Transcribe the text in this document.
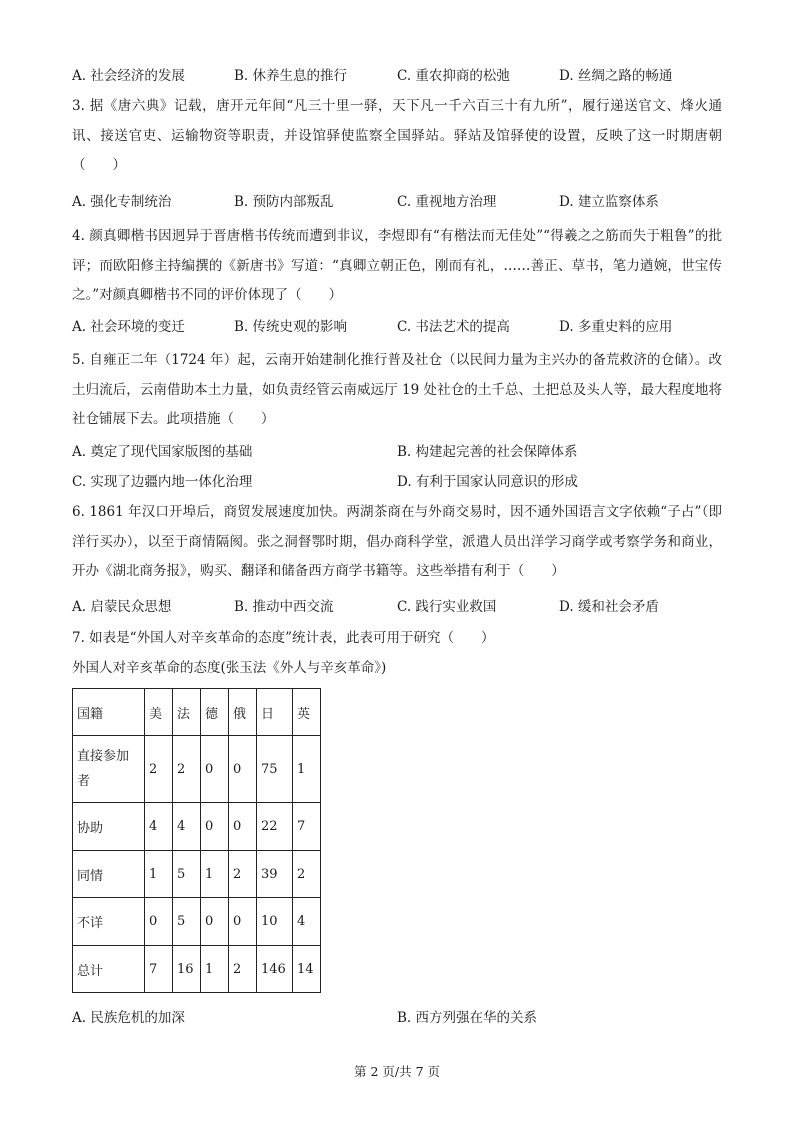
A. 社会经济的发展	B. 休养生息的推行	C. 重农抑商的松弛	D. 丝绸之路的畅通
3. 据《唐六典》记载，唐开元年间“凡三十里一驿，天下凡一千六百三十有九所”，履行递送官文、烽火通讯、接送官吏、运输物资等职责，并设馆驿使监察全国驿站。驿站及馆驿使的设置，反映了这一时期唐朝（　　）
A. 强化专制统治	B. 预防内部叛乱	C. 重视地方治理	D. 建立监察体系
4. 颜真卿楷书因迥异于晋唐楷书传统而遭到非议，李煜即有“有楷法而无佳处”“得羲之之筋而失于粗鲁”的批评；而欧阳修主持编撰的《新唐书》写道：“真卿立朝正色，刚而有礼，……善正、草书，笔力遒婉，世宝传之。”对颜真卿楷书不同的评价体现了（　　）
A. 社会环境的变迁	B. 传统史观的影响	C. 书法艺术的提高	D. 多重史料的应用
5. 自雍正二年（1724 年）起，云南开始建制化推行普及社仓（以民间力量为主兴办的备荒救济的仓储）。改土归流后，云南借助本土力量，如负责经管云南威远厅 19 处社仓的土千总、土把总及头人等，最大程度地将社仓铺展下去。此项措施（　　）
A. 奠定了现代国家版图的基础	B. 构建起完善的社会保障体系
C. 实现了边疆内地一体化治理	D. 有利于国家认同意识的形成
6. 1861 年汉口开埠后，商贸发展速度加快。两湖茶商在与外商交易时，因不通外国语言文字依赖“子占”（即洋行买办），以至于商情隔阂。张之洞督鄂时期，倡办商科学堂，派遣人员出洋学习商学或考察学务和商业，开办《湖北商务报》，购买、翻译和储备西方商学书籍等。这些举措有利于（　　）
A. 启蒙民众思想	B. 推动中西交流	C. 践行实业救国	D. 缓和社会矛盾
7. 如表是“外国人对辛亥革命的态度”统计表，此表可用于研究（　　）
外国人对辛亥革命的态度(张玉法《外人与辛亥革命》)
国籍	美	法	德	俄	日	英
直接参加者	2	2	0	0	75	1
协助	4	4	0	0	22	7
同情	1	5	1	2	39	2
不详	0	5	0	0	10	4
总计	7	16	1	2	146	14
A. 民族危机的加深	B. 西方列强在华的关系
第 2 页/共 7 页
